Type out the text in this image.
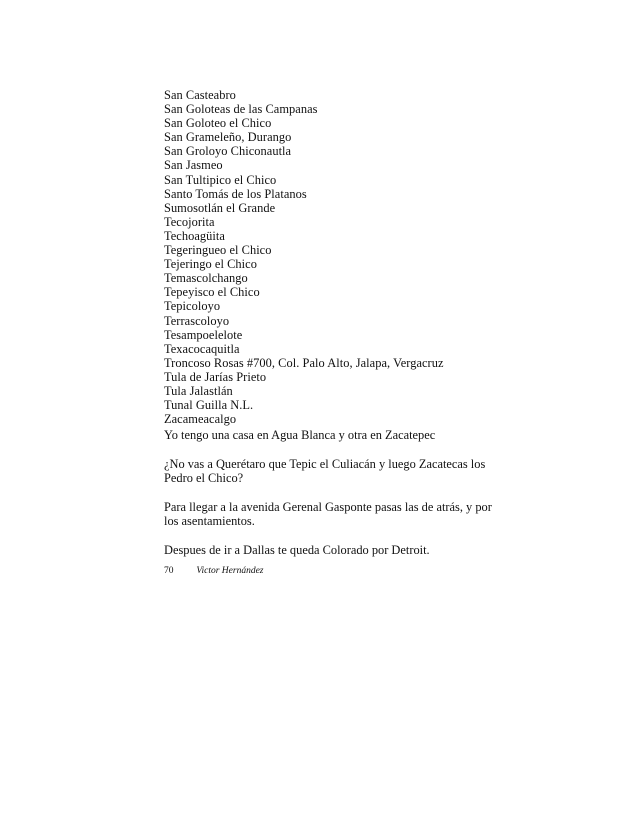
San Casteabro
San Goloteas de las Campanas
San Goloteo el Chico
San Grameleño, Durango
San Groloyo Chiconautla
San Jasmeo
San Tultipico el Chico
Santo Tomás de los Platanos
Sumosotlán el Grande
Tecojorita
Techoagüita
Tegeringueo el Chico
Tejeringo el Chico
Temascolchango
Tepeyisco el Chico
Tepicoloyo
Terrascoloyo
Tesampoelelote
Texacocaquitla
Troncoso Rosas #700, Col. Palo Alto, Jalapa, Vergacruz
Tula de Jarías Prieto
Tula Jalastlán
Tunal Guilla N.L.
Zacameacalgo

Yo tengo una casa en Agua Blanca y otra en Zacatepec

¿No vas a Querétaro que Tepic el Culiacán y luego Zacatecas los Pedro el Chico?

Para llegar a la avenida Gerenal Gasponte pasas las de atrás, y por los asentamientos.

Despues de ir a Dallas te queda Colorado por Detroit.

70 Victor Hernández
